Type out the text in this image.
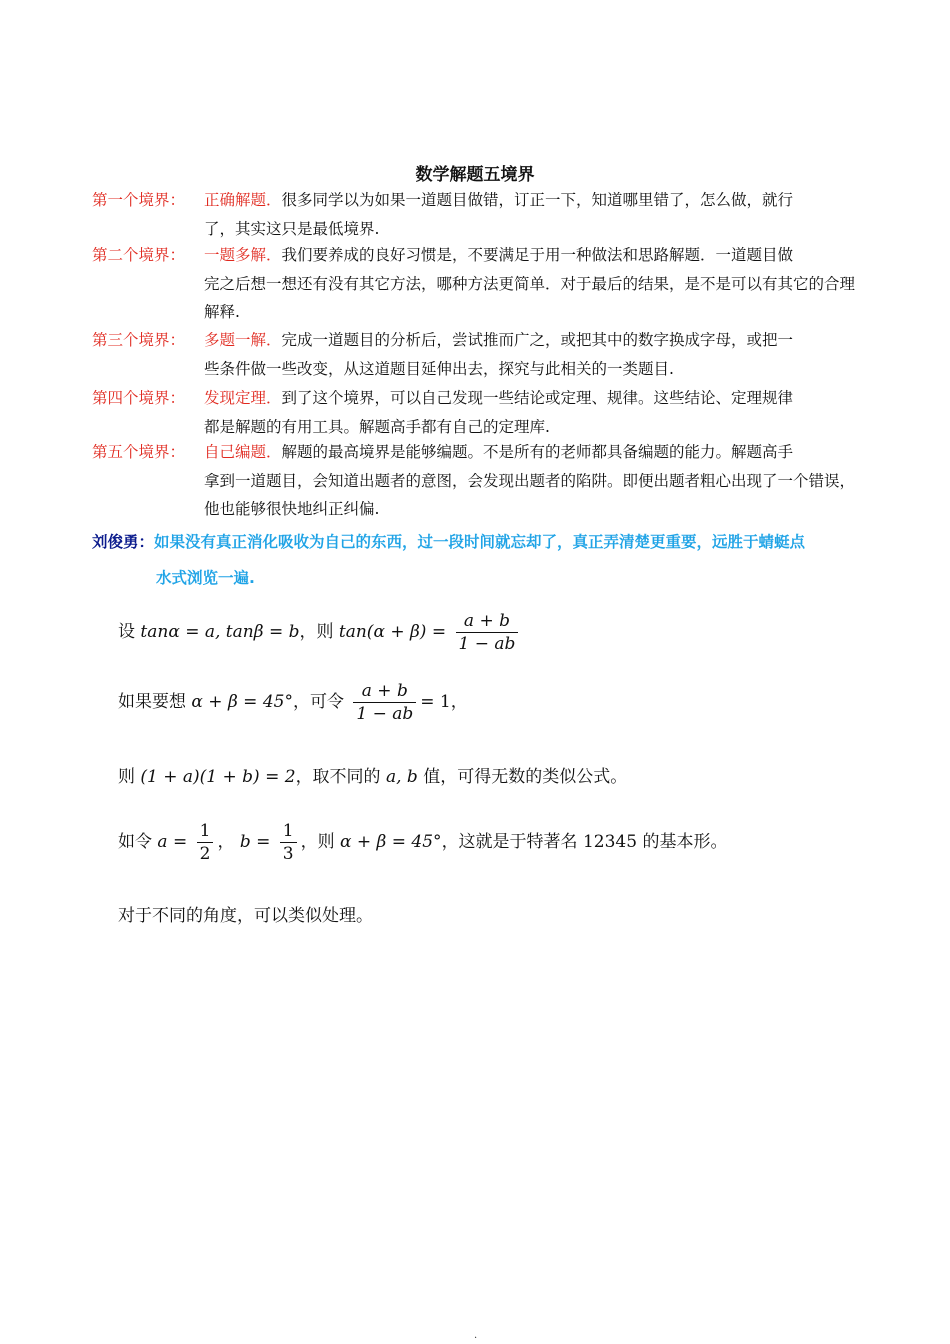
数学解题五境界
第一个境界： 正确解题．很多同学以为如果一道题目做错，订正一下，知道哪里错了，怎么做，就行
了，其实这只是最低境界.
第二个境界： 一题多解．我们要养成的良好习惯是，不要满足于用一种做法和思路解题．一道题目做
完之后想一想还有没有其它方法，哪种方法更简单．对于最后的结果，是不是可以有其它的合理解释.
第三个境界： 多题一解．完成一道题目的分析后，尝试推而广之，或把其中的数字换成字母，或把一
些条件做一些改变，从这道题目延伸出去，探究与此相关的一类题目.
第四个境界： 发现定理．到了这个境界，可以自己发现一些结论或定理、规律。这些结论、定理规律
都是解题的有用工具。解题高手都有自己的定理库.
第五个境界： 自己编题．解题的最高境界是能够编题。不是所有的老师都具备编题的能力。解题高手
拿到一道题目，会知道出题者的意图，会发现出题者的陷阱。即便出题者粗心出现了一个错误，他也能够很快地纠正纠偏.
刘俊勇：如果没有真正消化吸收为自己的东西，过一段时间就忘却了，真正弄清楚更重要，远胜于蜻蜓点
水式浏览一遍.
设 tanα = a, tanβ = b，则 $\tan(\alpha + \beta) = \frac{a + b}{1 - ab}$
如果要想 α + β = 45°，可令 $\frac{a + b}{1 - ab} = 1$，
则 (1 + a)(1 + b) = 2，取不同的 a, b 值，可得无数的类似公式。
如令 $a = \frac{1}{2}$ ， $b = \frac{1}{3}$ ，则 α + β = 45°，这就是于特著名 12345 的基本形。
对于不同的角度，可以类似处理。
.
